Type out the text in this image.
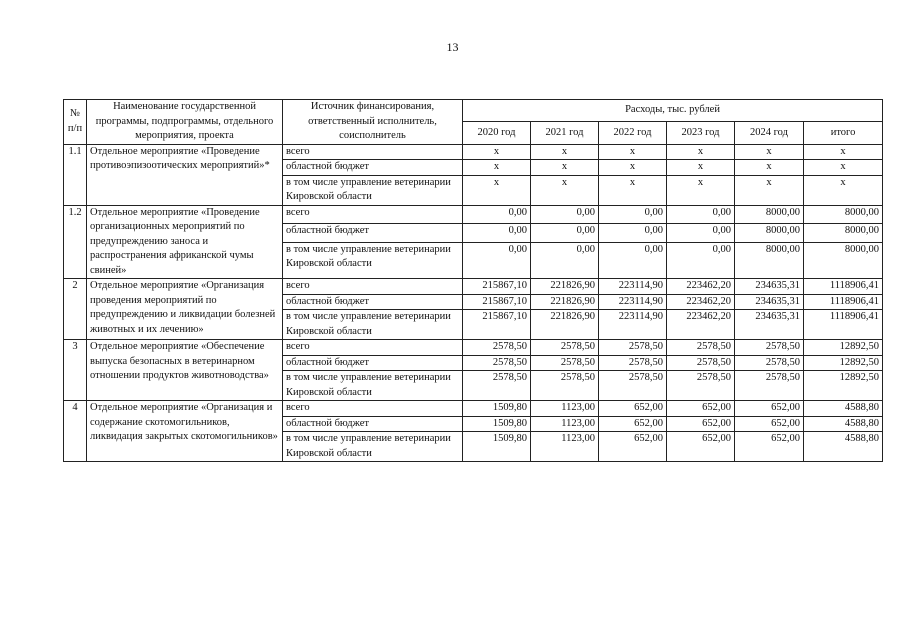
13
№ п/п	Наименование государственной программы, подпрограммы, отдельного мероприятия, проекта	Источник финансирования, ответственный исполнитель, соисполнитель	Расходы, тыс. рублей					
			2020 год	2021 год	2022 год	2023 год	2024 год	итого
1.1	Отдельное мероприятие «Проведение противоэпизоотических мероприятий»*	всего	х	х	х	х	х	х
		областной бюджет	х	х	х	х	х	х
		в том числе управление ветеринарии Кировской области	х	х	х	х	х	х
1.2	Отдельное мероприятие «Проведение организационных мероприятий по предупреждению заноса и распространения африканской чумы свиней»	всего	0,00	0,00	0,00	0,00	8000,00	8000,00
		областной бюджет	0,00	0,00	0,00	0,00	8000,00	8000,00
		в том числе управление ветеринарии Кировской области	0,00	0,00	0,00	0,00	8000,00	8000,00
2	Отдельное мероприятие «Организация проведения мероприятий по предупреждению и ликвидации болезней животных и их лечению»	всего	215867,10	221826,90	223114,90	223462,20	234635,31	1118906,41
		областной бюджет	215867,10	221826,90	223114,90	223462,20	234635,31	1118906,41
		в том числе управление ветеринарии Кировской области	215867,10	221826,90	223114,90	223462,20	234635,31	1118906,41
3	Отдельное мероприятие «Обеспечение выпуска безопасных в ветеринарном отношении продуктов животноводства»	всего	2578,50	2578,50	2578,50	2578,50	2578,50	12892,50
		областной бюджет	2578,50	2578,50	2578,50	2578,50	2578,50	12892,50
		в том числе управление ветеринарии Кировской области	2578,50	2578,50	2578,50	2578,50	2578,50	12892,50
4	Отдельное мероприятие «Организация и содержание скотомогильников, ликвидация закрытых скотомогильников»	всего	1509,80	1123,00	652,00	652,00	652,00	4588,80
		областной бюджет	1509,80	1123,00	652,00	652,00	652,00	4588,80
		в том числе управление ветеринарии Кировской области	1509,80	1123,00	652,00	652,00	652,00	4588,80
